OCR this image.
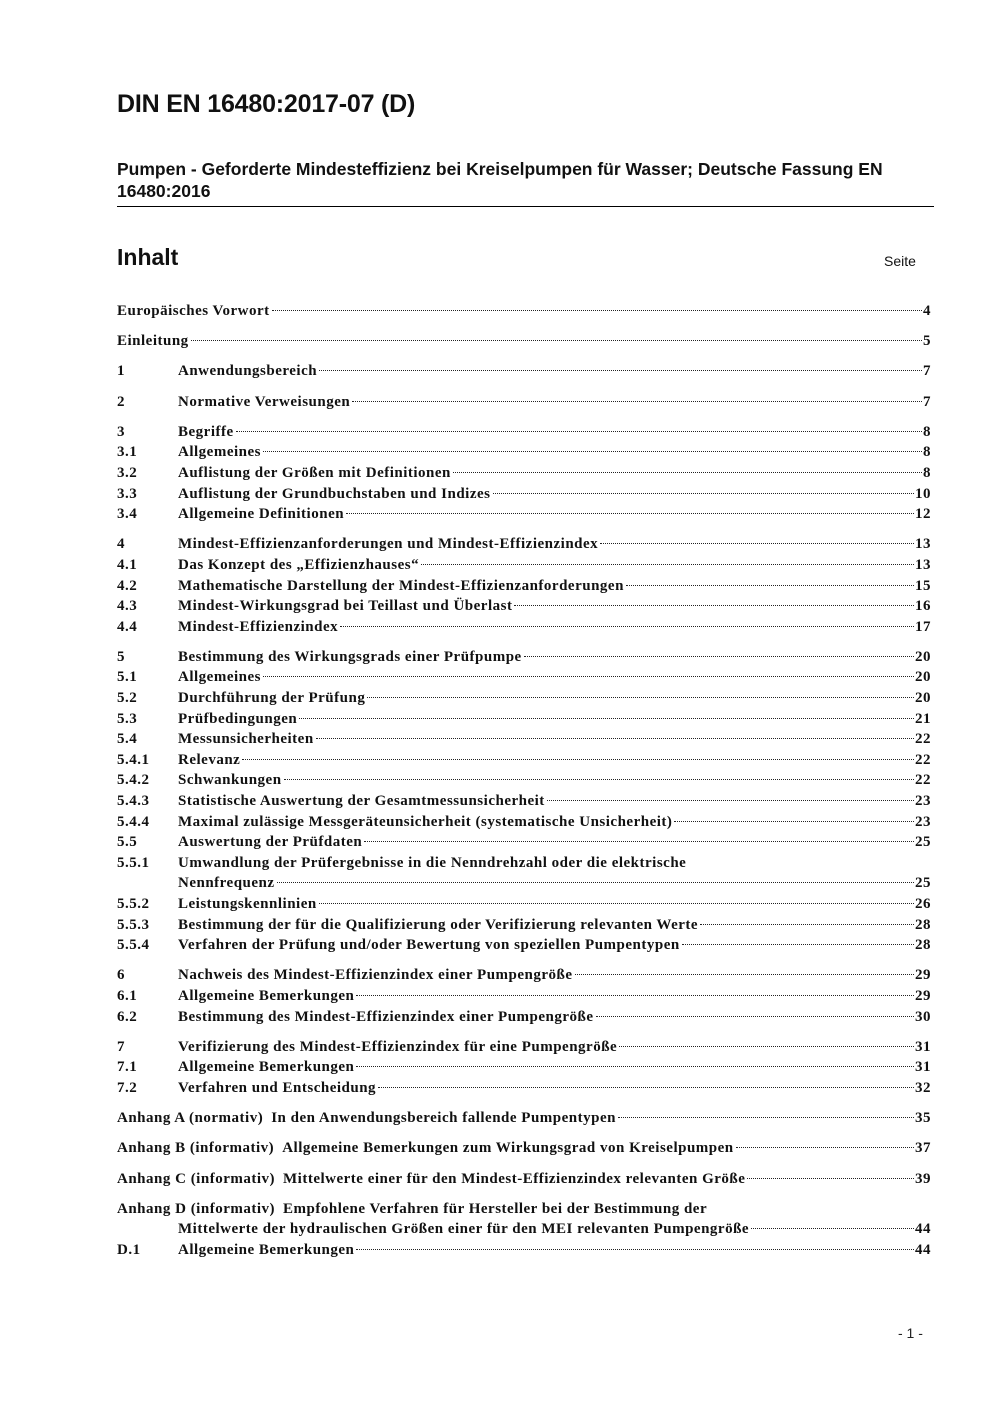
DIN EN 16480:2017-07 (D)
Pumpen - Geforderte Mindesteffizienz bei Kreiselpumpen für Wasser; Deutsche Fassung EN 16480:2016
Inhalt	Seite
Europäisches Vorwort	4
Einleitung	5
1	Anwendungsbereich	7
2	Normative Verweisungen	7
3	Begriffe	8
3.1	Allgemeines	8
3.2	Auflistung der Größen mit Definitionen	8
3.3	Auflistung der Grundbuchstaben und Indizes	10
3.4	Allgemeine Definitionen	12
4	Mindest-Effizienzanforderungen und Mindest-Effizienzindex	13
4.1	Das Konzept des „Effizienzhauses“	13
4.2	Mathematische Darstellung der Mindest-Effizienzanforderungen	15
4.3	Mindest-Wirkungsgrad bei Teillast und Überlast	16
4.4	Mindest-Effizienzindex	17
5	Bestimmung des Wirkungsgrads einer Prüfpumpe	20
5.1	Allgemeines	20
5.2	Durchführung der Prüfung	20
5.3	Prüfbedingungen	21
5.4	Messunsicherheiten	22
5.4.1	Relevanz	22
5.4.2	Schwankungen	22
5.4.3	Statistische Auswertung der Gesamtmessunsicherheit	23
5.4.4	Maximal zulässige Messgeräteunsicherheit (systematische Unsicherheit)	23
5.5	Auswertung der Prüfdaten	25
5.5.1	Umwandlung der Prüfergebnisse in die Nenndrehzahl oder die elektrische
Nennfrequenz	25
5.5.2	Leistungskennlinien	26
5.5.3	Bestimmung der für die Qualifizierung oder Verifizierung relevanten Werte	28
5.5.4	Verfahren der Prüfung und/oder Bewertung von speziellen Pumpentypen	28
6	Nachweis des Mindest-Effizienzindex einer Pumpengröße	29
6.1	Allgemeine Bemerkungen	29
6.2	Bestimmung des Mindest-Effizienzindex einer Pumpengröße	30
7	Verifizierung des Mindest-Effizienzindex für eine Pumpengröße	31
7.1	Allgemeine Bemerkungen	31
7.2	Verfahren und Entscheidung	32
Anhang A (normativ) In den Anwendungsbereich fallende Pumpentypen	35
Anhang B (informativ) Allgemeine Bemerkungen zum Wirkungsgrad von Kreiselpumpen	37
Anhang C (informativ) Mittelwerte einer für den Mindest-Effizienzindex relevanten Größe	39
Anhang D (informativ) Empfohlene Verfahren für Hersteller bei der Bestimmung der
Mittelwerte der hydraulischen Größen einer für den MEI relevanten Pumpengröße	44
D.1	Allgemeine Bemerkungen	44
- 1 -
